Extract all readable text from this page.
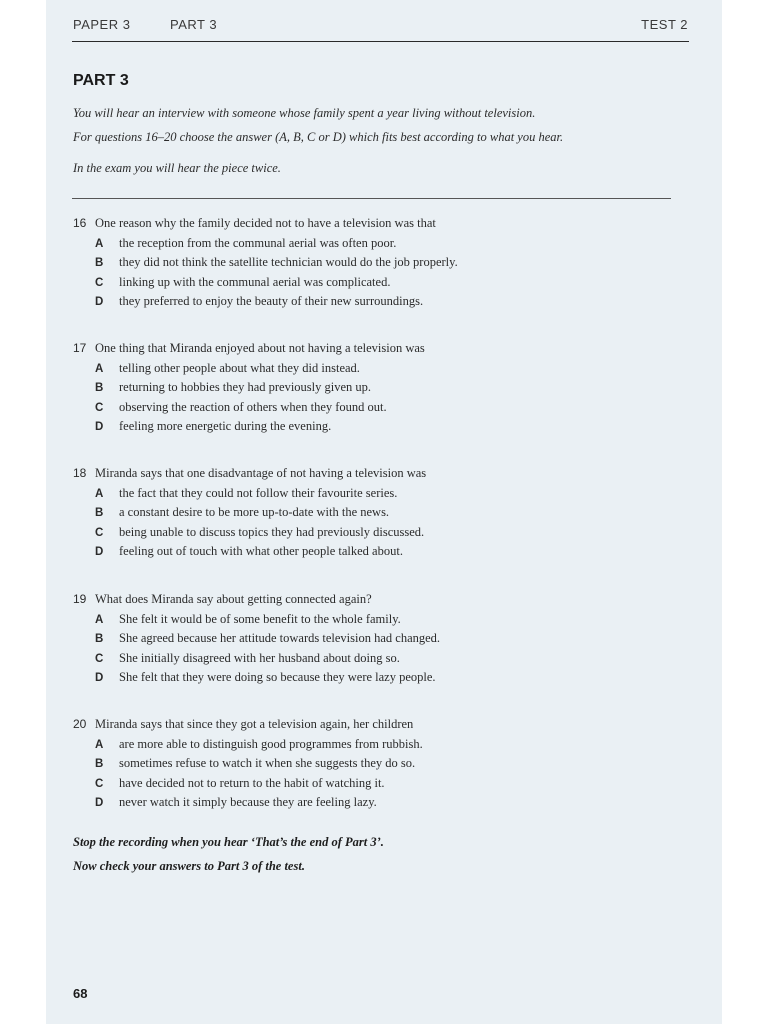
PAPER 3	PART 3	TEST 2
PART 3
You will hear an interview with someone whose family spent a year living without television.
For questions 16–20 choose the answer (A, B, C or D) which fits best according to what you hear.
In the exam you will hear the piece twice.
16 One reason why the family decided not to have a television was that
A the reception from the communal aerial was often poor.
B they did not think the satellite technician would do the job properly.
C linking up with the communal aerial was complicated.
D they preferred to enjoy the beauty of their new surroundings.
17 One thing that Miranda enjoyed about not having a television was
A telling other people about what they did instead.
B returning to hobbies they had previously given up.
C observing the reaction of others when they found out.
D feeling more energetic during the evening.
18 Miranda says that one disadvantage of not having a television was
A the fact that they could not follow their favourite series.
B a constant desire to be more up-to-date with the news.
C being unable to discuss topics they had previously discussed.
D feeling out of touch with what other people talked about.
19 What does Miranda say about getting connected again?
A She felt it would be of some benefit to the whole family.
B She agreed because her attitude towards television had changed.
C She initially disagreed with her husband about doing so.
D She felt that they were doing so because they were lazy people.
20 Miranda says that since they got a television again, her children
A are more able to distinguish good programmes from rubbish.
B sometimes refuse to watch it when she suggests they do so.
C have decided not to return to the habit of watching it.
D never watch it simply because they are feeling lazy.
Stop the recording when you hear ‘That’s the end of Part 3’.
Now check your answers to Part 3 of the test.
68
